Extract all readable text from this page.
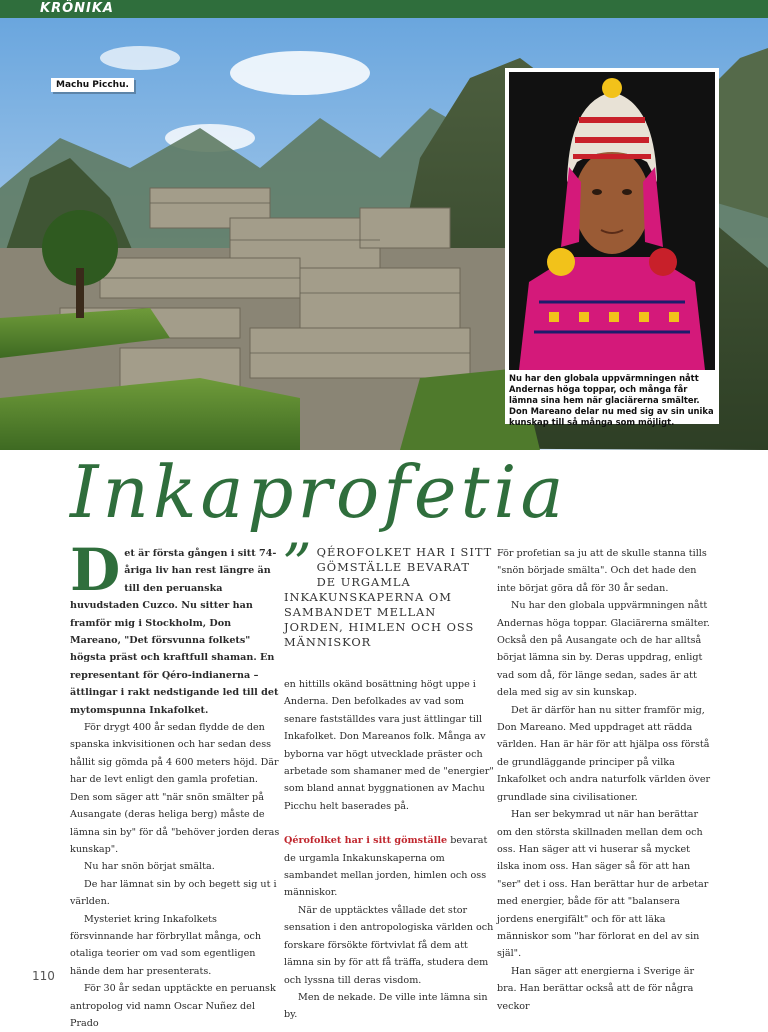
KRÖNIKA
Machu Picchu.
Nu har den globala uppvärmningen nått Andernas höga toppar, och många får lämna sina hem när glaciärerna smälter. Don Mareano delar nu med sig av sin unika kunskap till så många som möjligt.
Inkaprofetia

Det är första gången i sitt 74-åriga liv han rest längre än till den peruanska huvudstaden Cuzco. Nu sitter han framför mig i Stockholm, Don Mareano, "Det försvunna folkets" högsta präst och kraftfull shaman. En representant för Qéro-indianerna – ättlingar i rakt nedstigande led till det mytomspunna Inkafolket.

För drygt 400 år sedan flydde de den spanska inkvisitionen och har sedan dess hållit sig gömda på 4 600 meters höjd. Där har de levt enligt den gamla profetian. Den som säger att "när snön smälter på Ausangate (deras heliga berg) måste de lämna sin by" för då "behöver jorden deras kunskap".

Nu har snön börjat smälta.

De har lämnat sin by och begett sig ut i världen.

Mysteriet kring Inkafolkets försvinnande har förbryllat många, och otaliga teorier om vad som egentligen hände dem har presenterats.

För 30 år sedan upptäckte en peruansk antropolog vid namn Oscar Nuñez del Prado

” QÉROFOLKET HAR I SITT GÖMSTÄLLE BEVARAT DE URGAMLA INKAKUNSKAPERNA OM SAMBANDET MELLAN JORDEN, HIMLEN OCH OSS MÄNNISKOR

en hittills okänd bosättning högt uppe i Anderna. Den befolkades av vad som senare fastställdes vara just ättlingar till Inkafolket. Don Mareanos folk. Många av byborna var högt utvecklade präster och arbetade som shamaner med de "energier" som bland annat byggnationen av Machu Picchu helt baserades på.

Qérofolket har i sitt gömställe bevarat de urgamla Inkakunskaperna om sambandet mellan jorden, himlen och oss människor.

När de upptäcktes vållade det stor sensation i den antropologiska världen och forskare försökte förtvivlat få dem att lämna sin by för att få träffa, studera dem och lyssna till deras visdom.

Men de nekade. De ville inte lämna sin by.

För profetian sa ju att de skulle stanna tills "snön började smälta". Och det hade den inte börjat göra då för 30 år sedan.

Nu har den globala uppvärmningen nått Andernas höga toppar. Glaciärerna smälter. Också den på Ausangate och de har alltså börjat lämna sin by. Deras uppdrag, enligt vad som då, för länge sedan, sades är att dela med sig av sin kunskap.

Det är därför han nu sitter framför mig, Don Mareano. Med uppdraget att rädda världen. Han är här för att hjälpa oss förstå de grundläggande principer på vilka Inkafolket och andra naturfolk världen över grundlade sina civilisationer.

Han ser bekymrad ut när han berättar om den största skillnaden mellan dem och oss. Han säger att vi huserar så mycket ilska inom oss. Han säger så för att han "ser" det i oss. Han berättar hur de arbetar med energier, både för att "balansera jordens energifält" och för att läka människor som "har förlorat en del av sin själ".

Han säger att energierna i Sverige är bra. Han berättar också att de för några veckor

110
